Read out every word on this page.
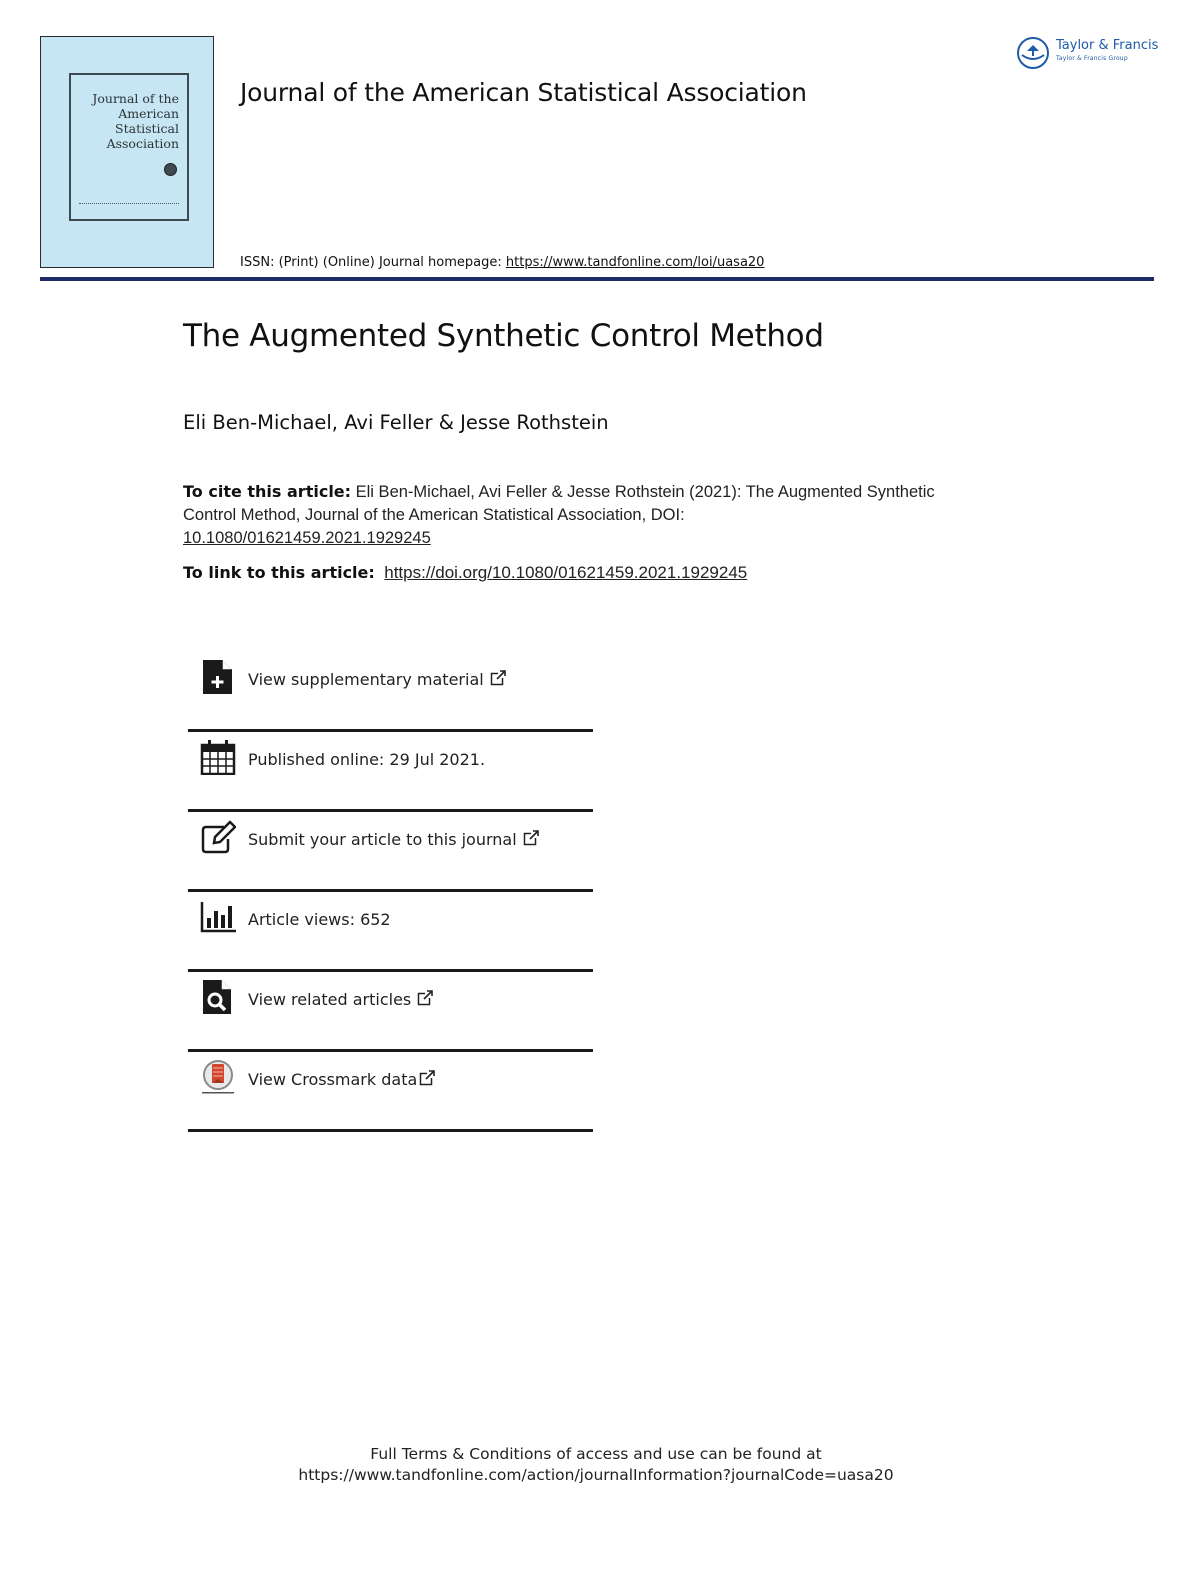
Journal of the American Statistical Association
Journal of the American Statistical Association
Taylor & Francis
Taylor & Francis Group
ISSN: (Print) (Online) Journal homepage: https://www.tandfonline.com/loi/uasa20
The Augmented Synthetic Control Method
Eli Ben-Michael, Avi Feller & Jesse Rothstein
To cite this article: Eli Ben-Michael, Avi Feller & Jesse Rothstein (2021): The Augmented Synthetic Control Method, Journal of the American Statistical Association, DOI:
10.1080/01621459.2021.1929245
To link to this article: https://doi.org/10.1080/01621459.2021.1929245
View supplementary material
Published online: 29 Jul 2021.
Submit your article to this journal
Article views: 652
View related articles
View Crossmark data
Full Terms & Conditions of access and use can be found at
https://www.tandfonline.com/action/journalInformation?journalCode=uasa20
